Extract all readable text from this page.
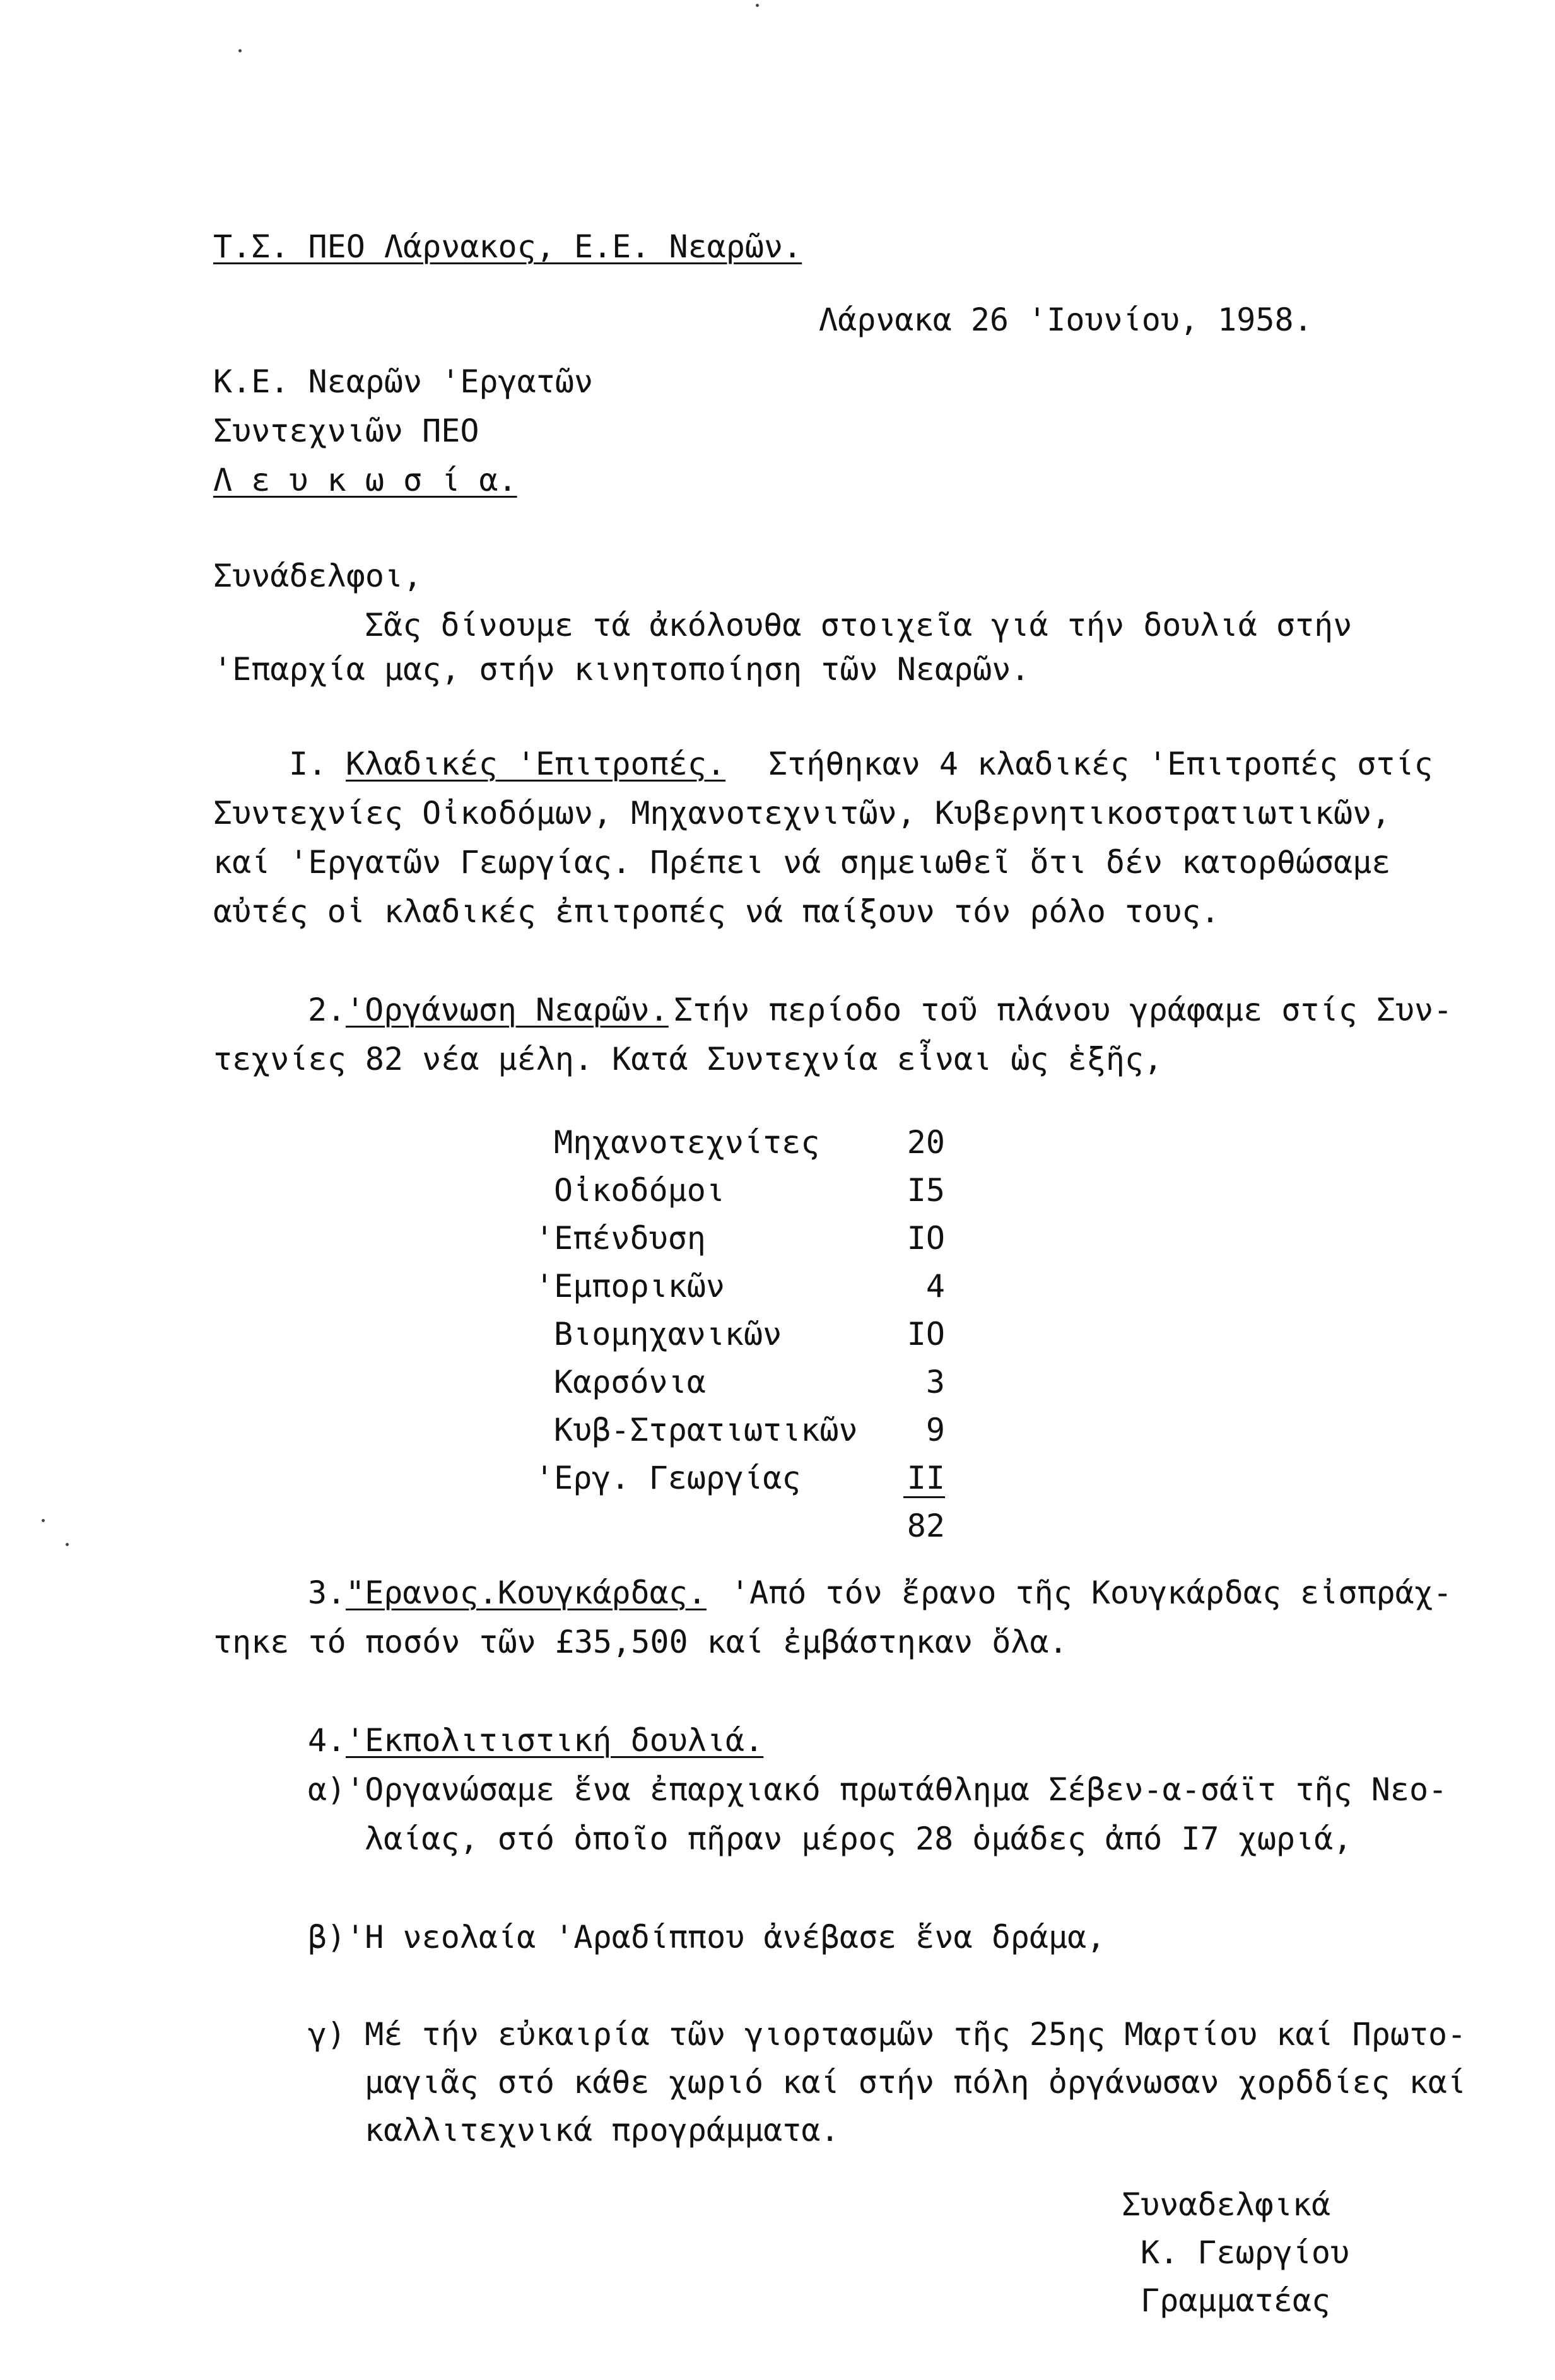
Τ.Σ. ΠΕΟ Λάρνακος, Ε.Ε. Νεαρῶν.
Λάρνακα 26 'Ιουνίου, 1958.
Κ.Ε. Νεαρῶν 'Εργατῶν
Συντεχνιῶν ΠΕΟ
Λ ε υ κ ω σ ί α.
Συνάδελφοι,
Σᾶς δίνουμε τά ἀκόλουθα στοιχεῖα γιά τήν δουλιά στήν
'Επαρχία μας, στήν κινητοποίηση τῶν Νεαρῶν.
I. Κλαδικές 'Επιτροπές. Στήθηκαν 4 κλαδικές 'Επιτροπές στίς
Συντεχνίες Οἰκοδόμων, Μηχανοτεχνιτῶν, Κυβερνητικοστρατιωτικῶν,
καί 'Εργατῶν Γεωργίας. Πρέπει νά σημειωθεῖ ὅτι δέν κατορθώσαμε
αὐτές οἱ κλαδικές ἐπιτροπές νά παίξουν τόν ρόλο τους.
2. 'Οργάνωση Νεαρῶν. Στήν περίοδο τοῦ πλάνου γράφαμε στίς Συν-
τεχνίες 82 νέα μέλη. Κατά Συντεχνία εἶναι ὡς ἑξῆς,
Μηχανοτεχνίτες	20
Οἰκοδόμοι	I5
'Επένδυση	IO
'Εμπορικῶν	4
Βιομηχανικῶν	IO
Καρσόνια	3
Κυβ-Στρατιωτικῶν	9
'Εργ. Γεωργίας	II
82
3. "Ερανος.Κουγκάρδας. 'Από τόν ἔρανο τῆς Κουγκάρδας εἰσπράχ-
τηκε τό ποσόν τῶν £35,500 καί ἐμβάστηκαν ὅλα.
4. 'Εκπολιτιστική δουλιά.
α)'Οργανώσαμε ἕνα ἐπαρχιακό πρωτάθλημα Σέβεν-α-σάϊτ τῆς Νεο-
λαίας, στό ὁποῖο πῆραν μέρος 28 ὁμάδες ἀπό Ι7 χωριά,
β)'Η νεολαία 'Αραδίππου ἀνέβασε ἕνα δράμα,
γ) Μέ τήν εὐκαιρία τῶν γιορτασμῶν τῆς 25ης Μαρτίου καί Πρωτο-
μαγιᾶς στό κάθε χωριό καί στήν πόλη ὀργάνωσαν χορδδίες καί
καλλιτεχνικά προγράμματα.
Συναδελφικά
Κ. Γεωργίου
Γραμματέας
